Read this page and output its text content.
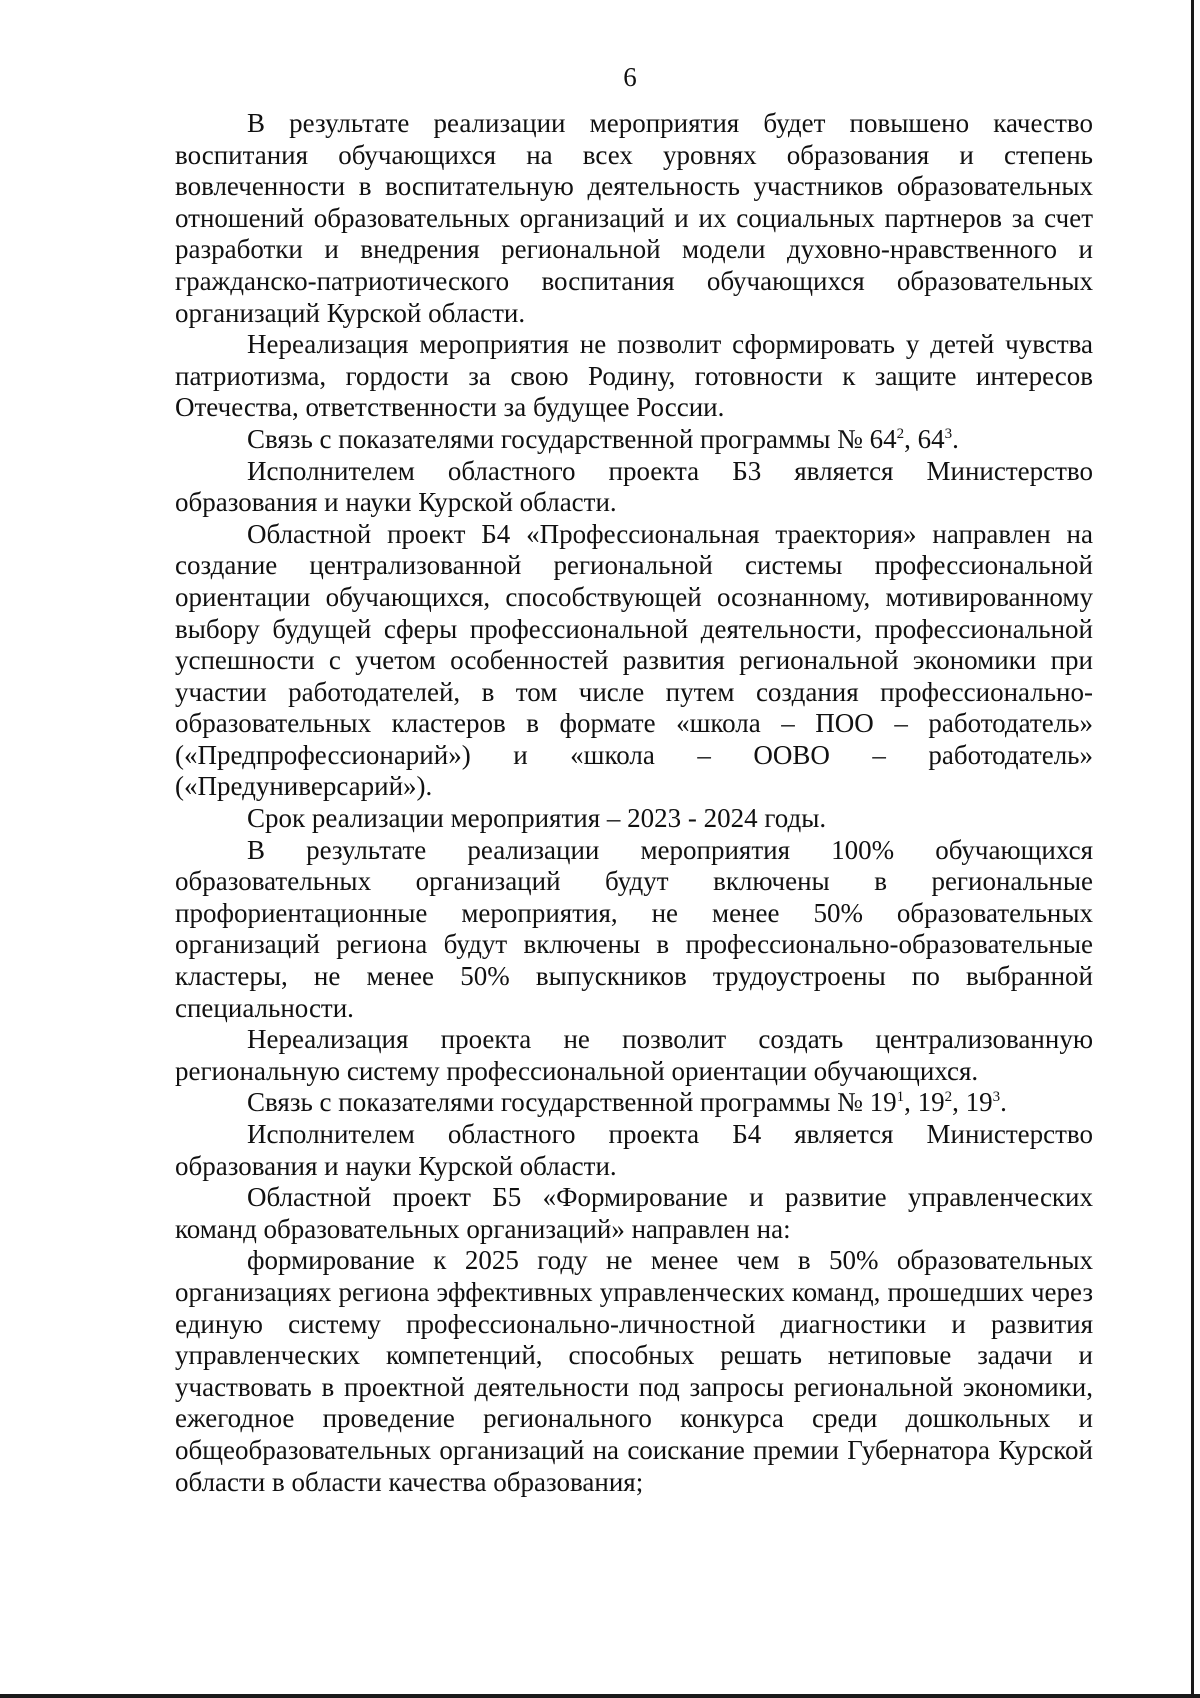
6

В результате реализации мероприятия будет повышено качество воспитания обучающихся на всех уровнях образования и степень вовлеченности в воспитательную деятельность участников образовательных отношений образовательных организаций и их социальных партнеров за счет разработки и внедрения региональной модели духовно-нравственного и гражданско-патриотического воспитания обучающихся образовательных организаций Курской области.

Нереализация мероприятия не позволит сформировать у детей чувства патриотизма, гордости за свою Родину, готовности к защите интересов Отечества, ответственности за будущее России.

Связь с показателями государственной программы № $64^2$, $64^3$.

Исполнителем областного проекта Б3 является Министерство образования и науки Курской области.

Областной проект Б4 «Профессиональная траектория» направлен на создание централизованной региональной системы профессиональной ориентации обучающихся, способствующей осознанному, мотивированному выбору будущей сферы профессиональной деятельности, профессиональной успешности с учетом особенностей развития региональной экономики при участии работодателей, в том числе путем создания профессионально-образовательных кластеров в формате «школа – ПОО – работодатель» («Предпрофессионарий») и «школа – ООВО – работодатель» («Предуниверсарий»).

Срок реализации мероприятия – 2023 - 2024 годы.

В результате реализации мероприятия 100% обучающихся образовательных организаций будут включены в региональные профориентационные мероприятия, не менее 50% образовательных организаций региона будут включены в профессионально-образовательные кластеры, не менее 50% выпускников трудоустроены по выбранной специальности.

Нереализация проекта не позволит создать централизованную региональную систему профессиональной ориентации обучающихся.

Связь с показателями государственной программы № $19^1$, $19^2$, $19^3$.

Исполнителем областного проекта Б4 является Министерство образования и науки Курской области.

Областной проект Б5 «Формирование и развитие управленческих команд образовательных организаций» направлен на:

формирование к 2025 году не менее чем в 50% образовательных организациях региона эффективных управленческих команд, прошедших через единую систему профессионально-личностной диагностики и развития управленческих компетенций, способных решать нетиповые задачи и участвовать в проектной деятельности под запросы региональной экономики, ежегодное проведение регионального конкурса среди дошкольных и общеобразовательных организаций на соискание премии Губернатора Курской области в области качества образования;
